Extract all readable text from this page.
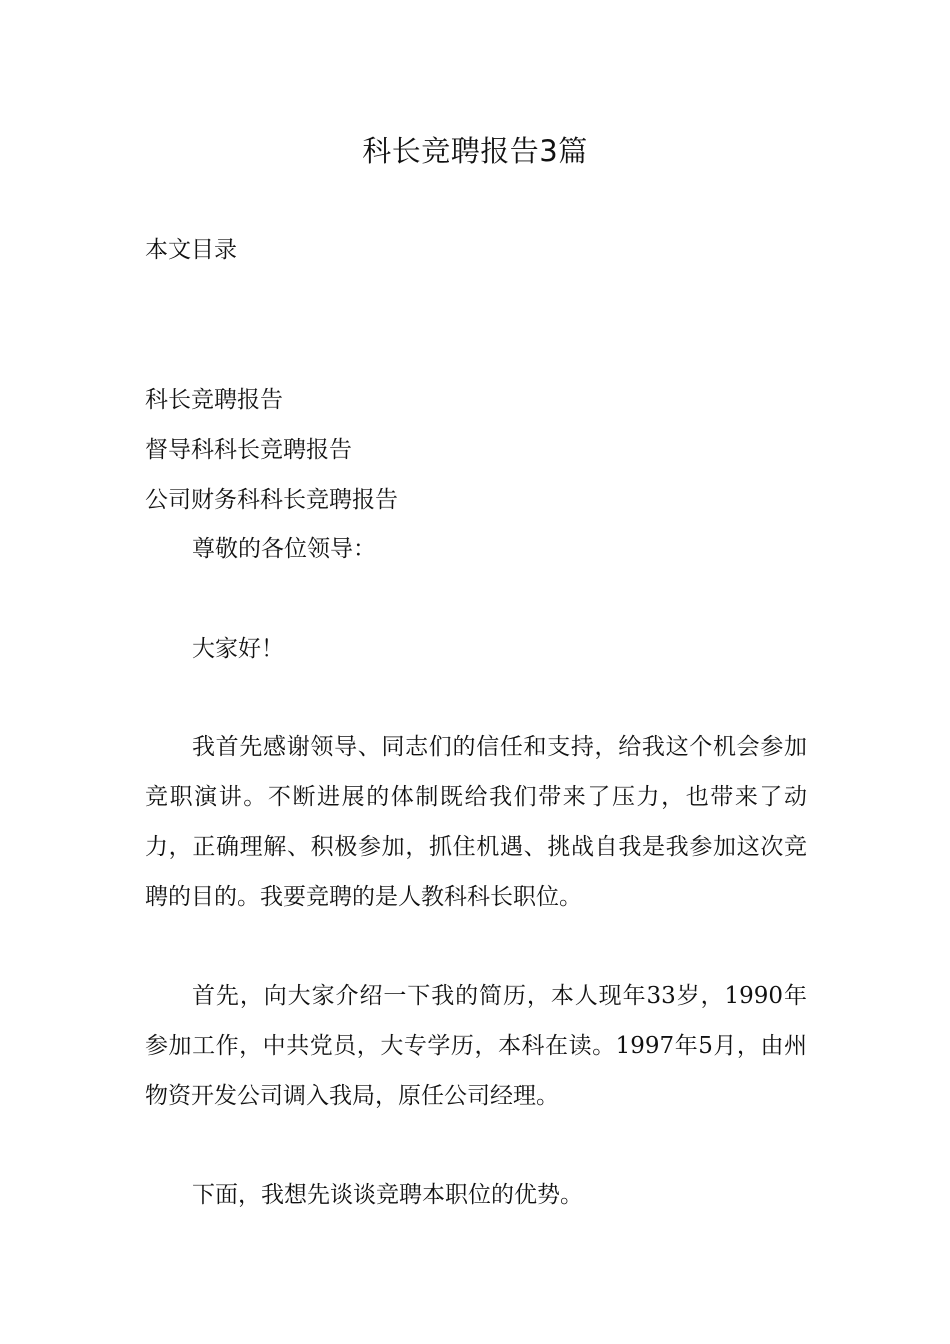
科长竞聘报告3篇
本文目录
科长竞聘报告
督导科科长竞聘报告
公司财务科科长竞聘报告
尊敬的各位领导：
大家好！
我首先感谢领导、同志们的信任和支持，给我这个机会参加竞职演讲。不断进展的体制既给我们带来了压力，也带来了动力，正确理解、积极参加，抓住机遇、挑战自我是我参加这次竞聘的目的。我要竞聘的是人教科科长职位。
首先，向大家介绍一下我的简历，本人现年33岁，1990年参加工作，中共党员，大专学历，本科在读。1997年5月，由州物资开发公司调入我局，原任公司经理。
下面，我想先谈谈竞聘本职位的优势。
